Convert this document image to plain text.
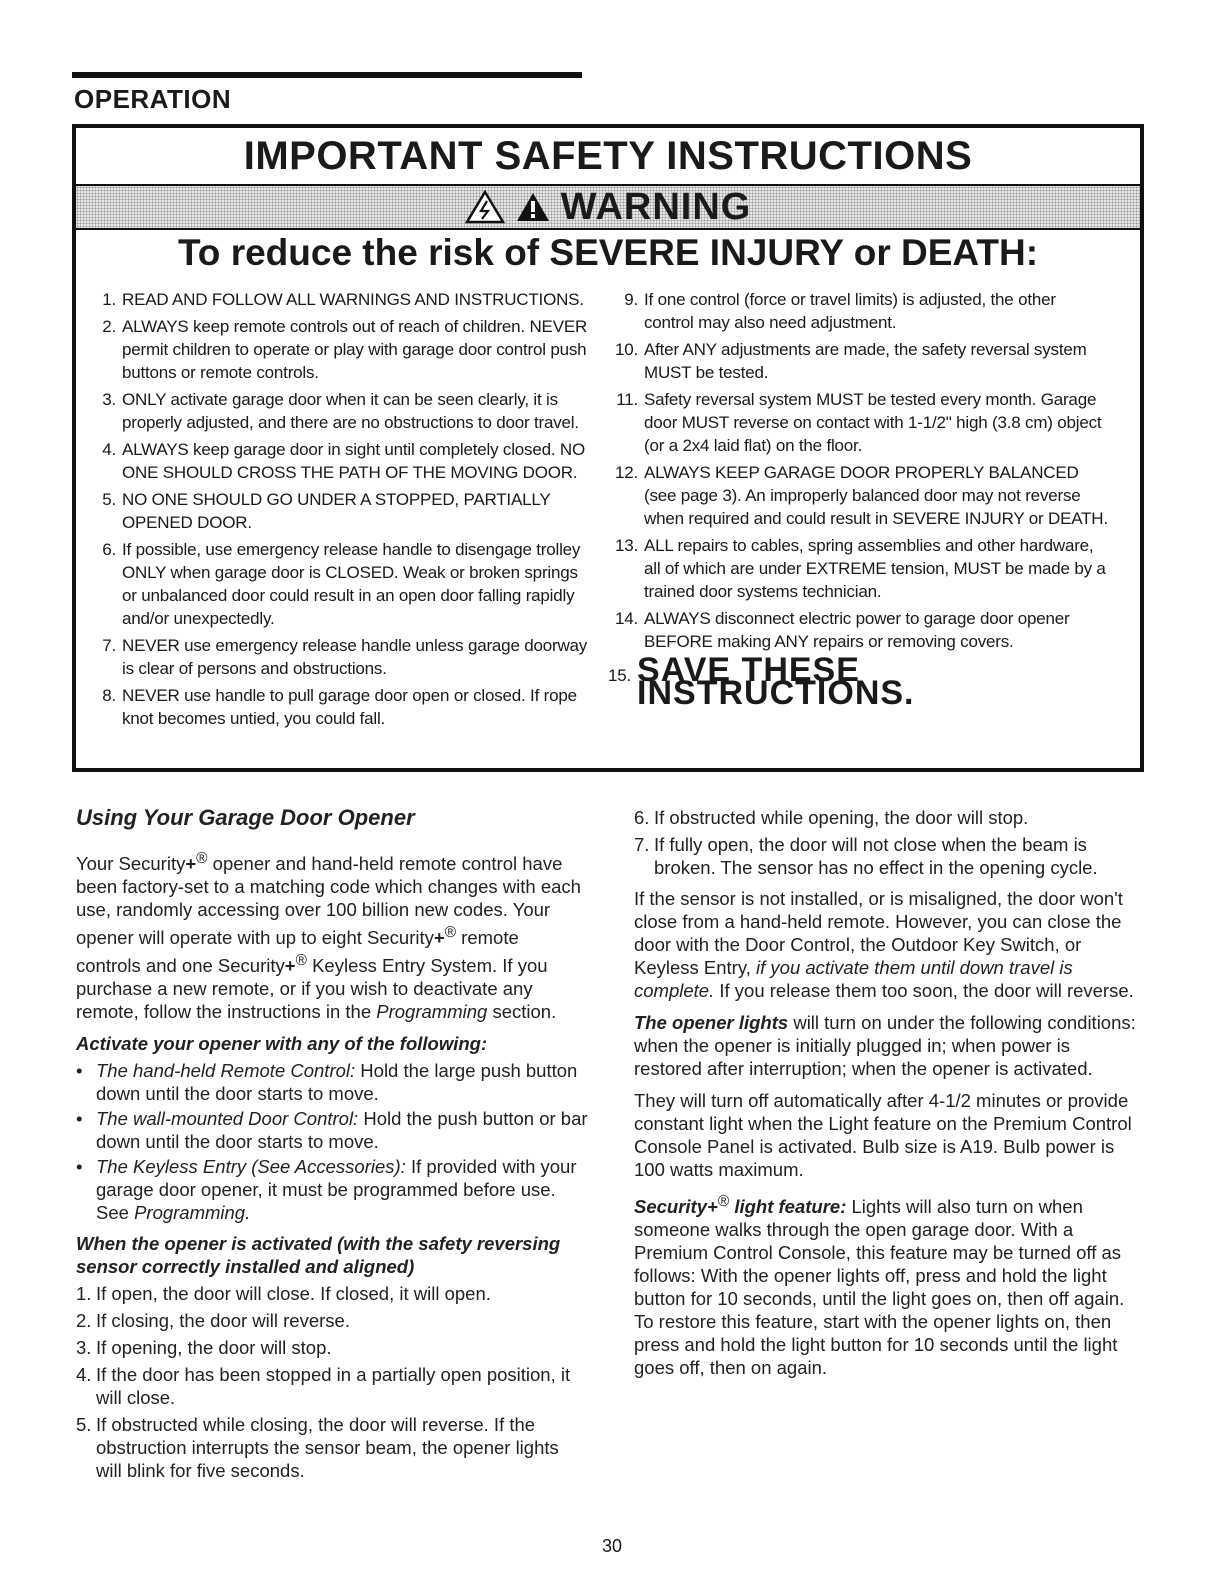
OPERATION
IMPORTANT SAFETY INSTRUCTIONS
WARNING
To reduce the risk of SEVERE INJURY or DEATH:
1. READ AND FOLLOW ALL WARNINGS AND INSTRUCTIONS.
2. ALWAYS keep remote controls out of reach of children. NEVER permit children to operate or play with garage door control push buttons or remote controls.
3. ONLY activate garage door when it can be seen clearly, it is properly adjusted, and there are no obstructions to door travel.
4. ALWAYS keep garage door in sight until completely closed. NO ONE SHOULD CROSS THE PATH OF THE MOVING DOOR.
5. NO ONE SHOULD GO UNDER A STOPPED, PARTIALLY OPENED DOOR.
6. If possible, use emergency release handle to disengage trolley ONLY when garage door is CLOSED. Weak or broken springs or unbalanced door could result in an open door falling rapidly and/or unexpectedly.
7. NEVER use emergency release handle unless garage doorway is clear of persons and obstructions.
8. NEVER use handle to pull garage door open or closed. If rope knot becomes untied, you could fall.
9. If one control (force or travel limits) is adjusted, the other control may also need adjustment.
10. After ANY adjustments are made, the safety reversal system MUST be tested.
11. Safety reversal system MUST be tested every month. Garage door MUST reverse on contact with 1-1/2" high (3.8 cm) object (or a 2x4 laid flat) on the floor.
12. ALWAYS KEEP GARAGE DOOR PROPERLY BALANCED (see page 3). An improperly balanced door may not reverse when required and could result in SEVERE INJURY or DEATH.
13. ALL repairs to cables, spring assemblies and other hardware, all of which are under EXTREME tension, MUST be made by a trained door systems technician.
14. ALWAYS disconnect electric power to garage door opener BEFORE making ANY repairs or removing covers.
15. SAVE THESE INSTRUCTIONS.
Using Your Garage Door Opener

Your Security+® opener and hand-held remote control have been factory-set to a matching code which changes with each use, randomly accessing over 100 billion new codes. Your opener will operate with up to eight Security+® remote controls and one Security+® Keyless Entry System. If you purchase a new remote, or if you wish to deactivate any remote, follow the instructions in the Programming section.

Activate your opener with any of the following:

• The hand-held Remote Control: Hold the large push button down until the door starts to move.
• The wall-mounted Door Control: Hold the push button or bar down until the door starts to move.
• The Keyless Entry (See Accessories): If provided with your garage door opener, it must be programmed before use. See Programming.

When the opener is activated (with the safety reversing sensor correctly installed and aligned)

1. If open, the door will close. If closed, it will open.
2. If closing, the door will reverse.
3. If opening, the door will stop.
4. If the door has been stopped in a partially open position, it will close.
5. If obstructed while closing, the door will reverse. If the obstruction interrupts the sensor beam, the opener lights will blink for five seconds.
6. If obstructed while opening, the door will stop.
7. If fully open, the door will not close when the beam is broken. The sensor has no effect in the opening cycle.

If the sensor is not installed, or is misaligned, the door won't close from a hand-held remote. However, you can close the door with the Door Control, the Outdoor Key Switch, or Keyless Entry, if you activate them until down travel is complete. If you release them too soon, the door will reverse.

The opener lights will turn on under the following conditions: when the opener is initially plugged in; when power is restored after interruption; when the opener is activated.

They will turn off automatically after 4-1/2 minutes or provide constant light when the Light feature on the Premium Control Console Panel is activated. Bulb size is A19. Bulb power is 100 watts maximum.

Security+® light feature: Lights will also turn on when someone walks through the open garage door. With a Premium Control Console, this feature may be turned off as follows: With the opener lights off, press and hold the light button for 10 seconds, until the light goes on, then off again. To restore this feature, start with the opener lights on, then press and hold the light button for 10 seconds until the light goes off, then on again.

30
